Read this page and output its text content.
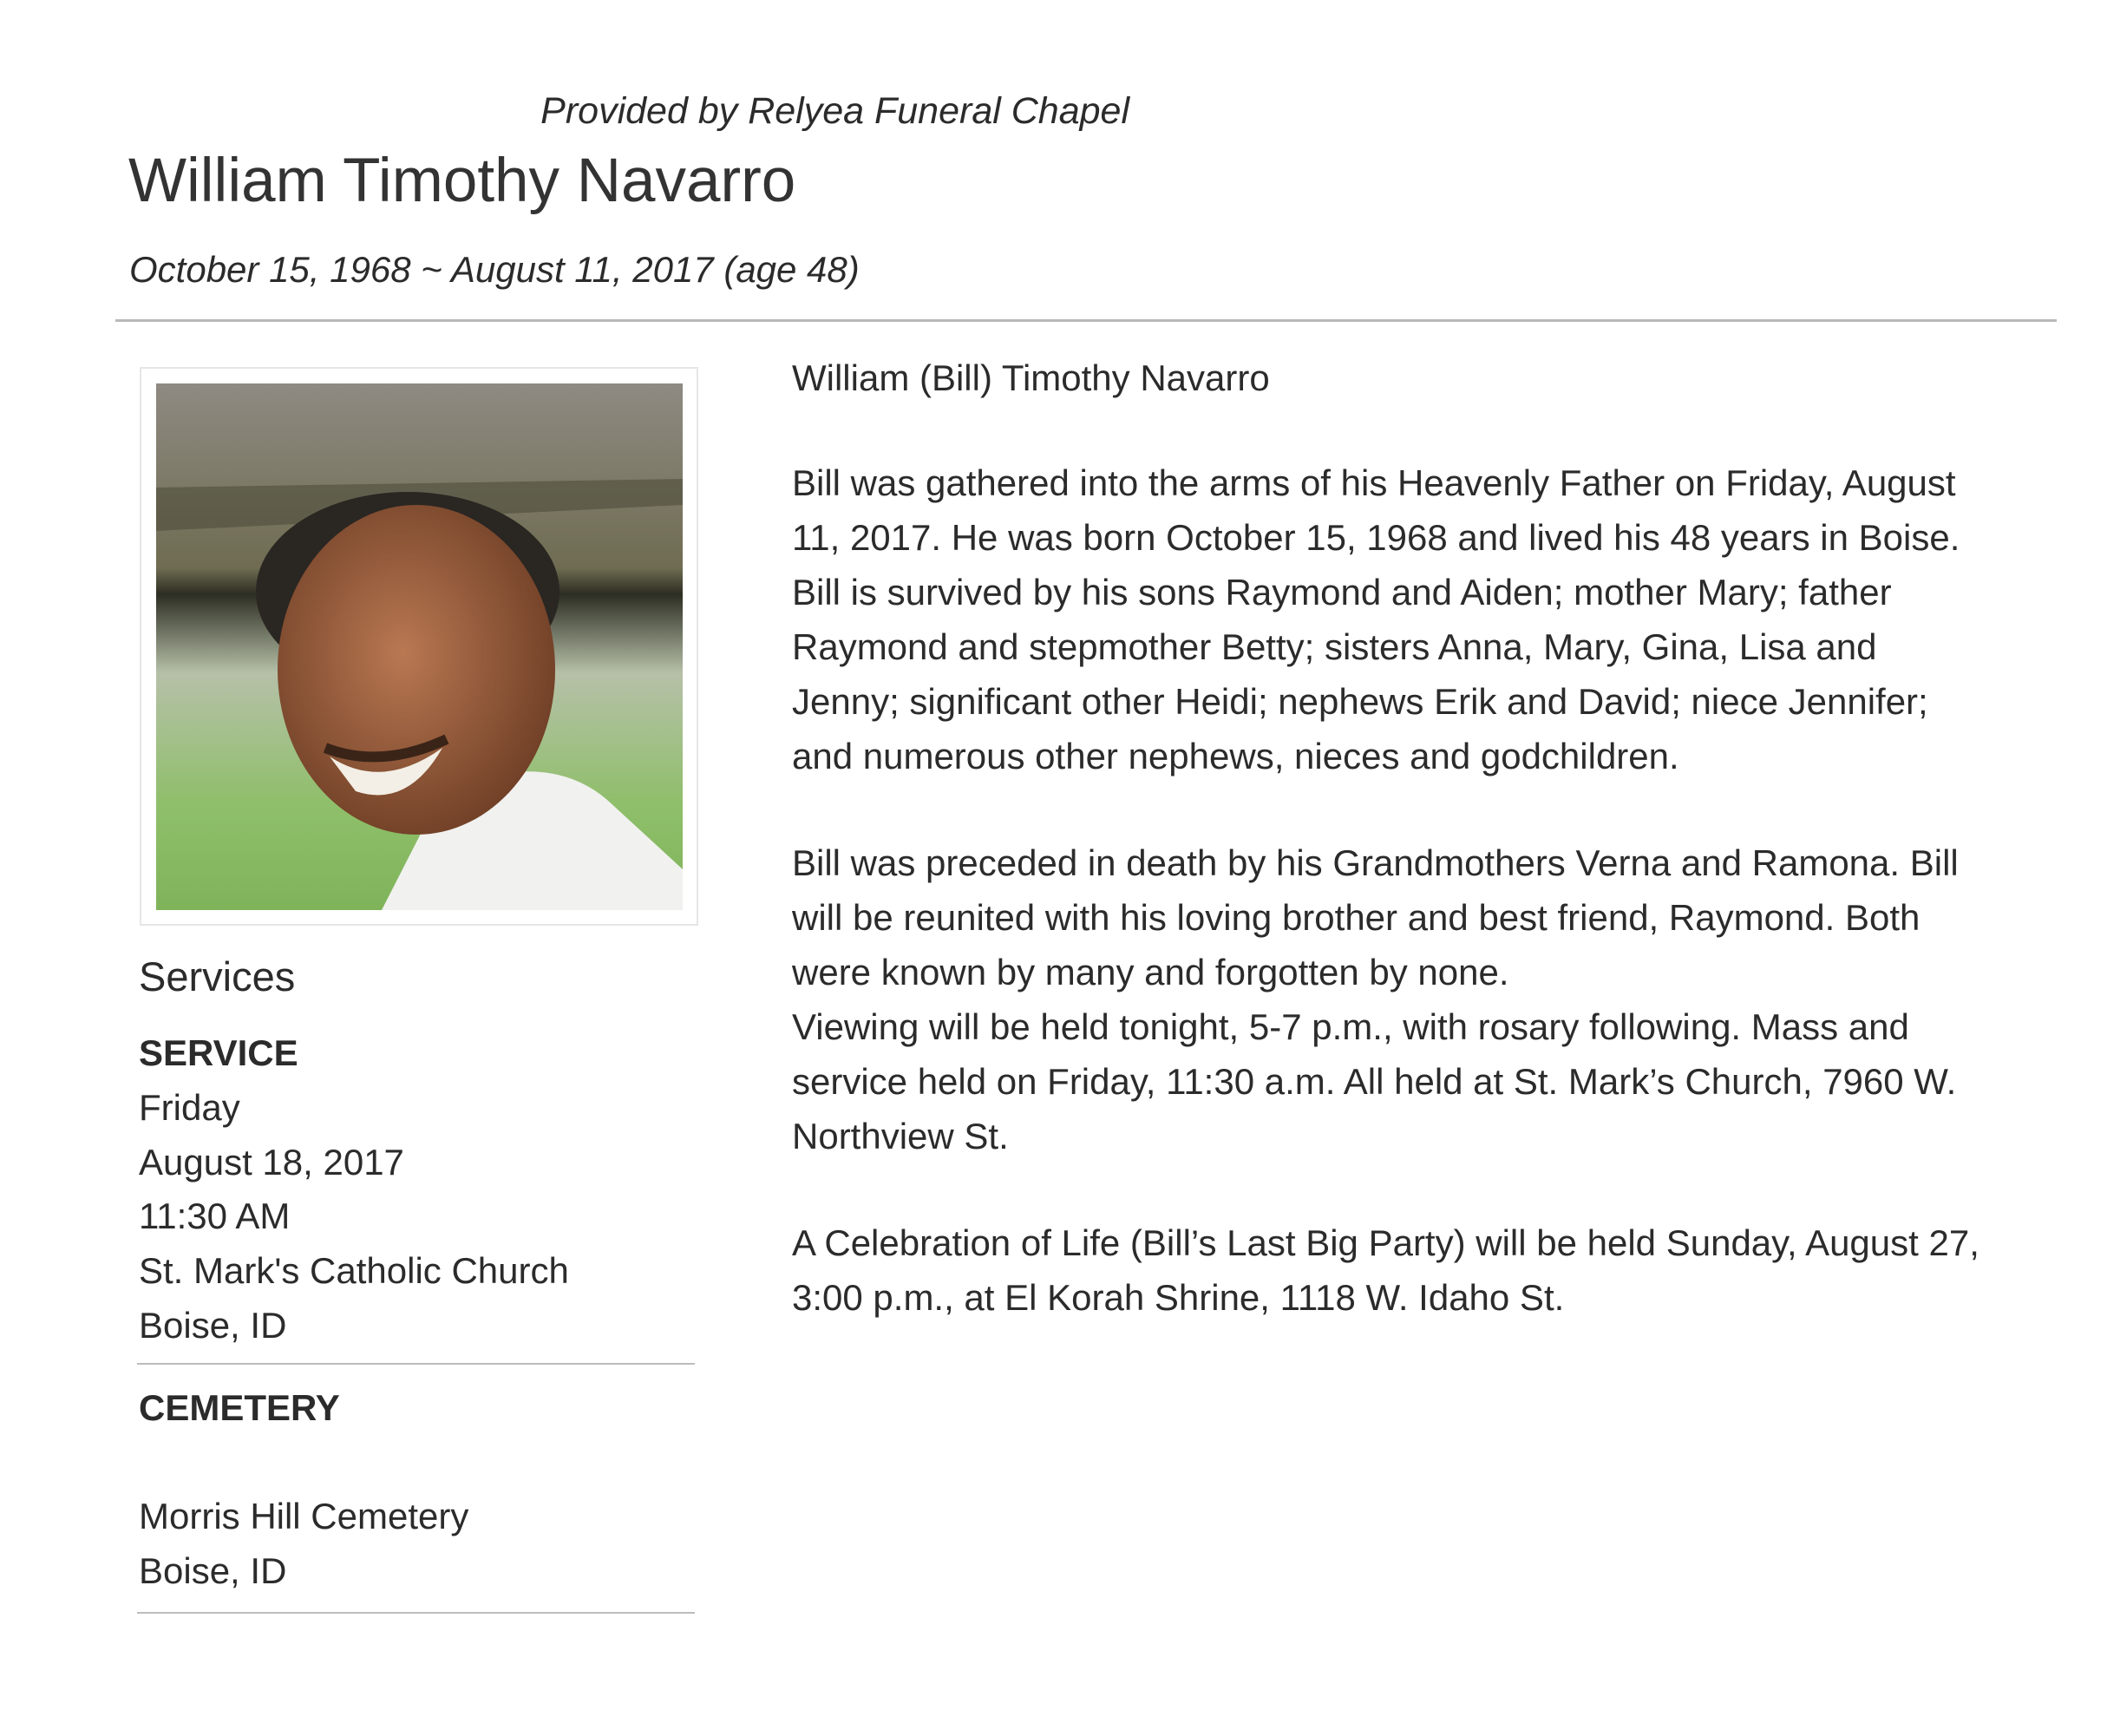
Provided by Relyea Funeral Chapel
William Timothy Navarro
October 15, 1968 ~ August 11, 2017 (age 48)
Services
SERVICE
Friday
August 18, 2017
11:30 AM
St. Mark's Catholic Church
Boise, ID
CEMETERY
Morris Hill Cemetery
Boise, ID
William (Bill) Timothy Navarro
Bill was gathered into the arms of his Heavenly Father on Friday, August
11, 2017. He was born October 15, 1968 and lived his 48 years in Boise.
Bill is survived by his sons Raymond and Aiden; mother Mary; father
Raymond and stepmother Betty; sisters Anna, Mary, Gina, Lisa and
Jenny; significant other Heidi; nephews Erik and David; niece Jennifer;
and numerous other nephews, nieces and godchildren.
Bill was preceded in death by his Grandmothers Verna and Ramona. Bill
will be reunited with his loving brother and best friend, Raymond. Both
were known by many and forgotten by none.
Viewing will be held tonight, 5-7 p.m., with rosary following. Mass and
service held on Friday, 11:30 a.m. All held at St. Mark’s Church, 7960 W.
Northview St.
A Celebration of Life (Bill’s Last Big Party) will be held Sunday, August 27,
3:00 p.m., at El Korah Shrine, 1118 W. Idaho St.
